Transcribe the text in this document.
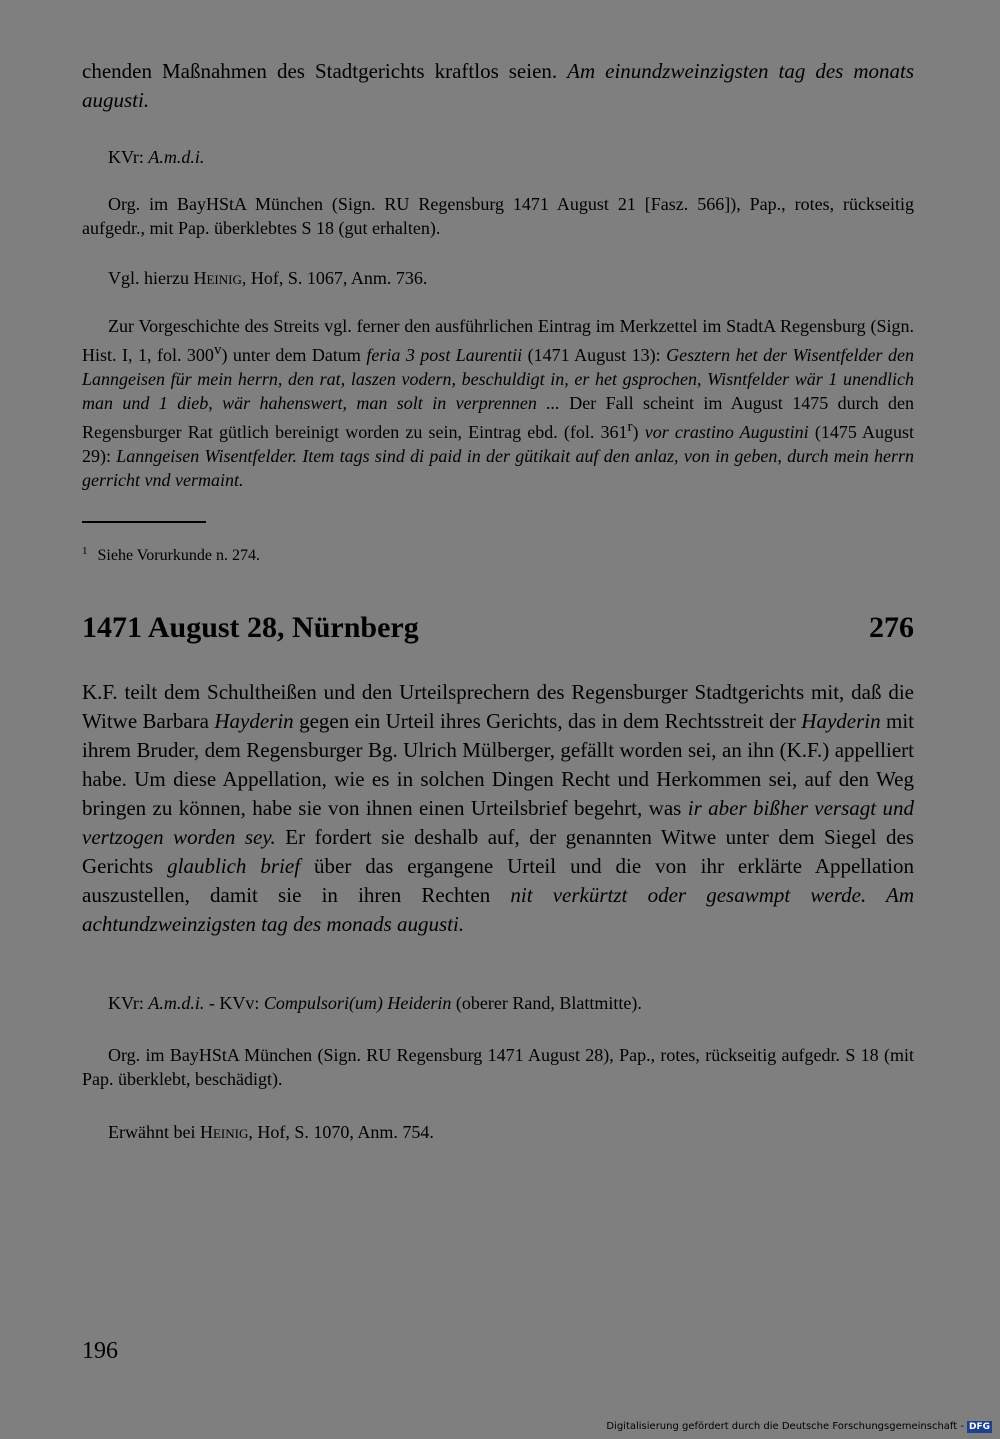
chenden Maßnahmen des Stadtgerichts kraftlos seien. Am einundzweinzigsten tag des monats augusti.

KVr: A.m.d.i.

Org. im BayHStA München (Sign. RU Regensburg 1471 August 21 [Fasz. 566]), Pap., rotes, rückseitig aufgedr., mit Pap. überklebtes S 18 (gut erhalten).

Vgl. hierzu Heinig, Hof, S. 1067, Anm. 736.

Zur Vorgeschichte des Streits vgl. ferner den ausführlichen Eintrag im Merkzettel im StadtA Regensburg (Sign. Hist. I, 1, fol. 300$^v$) unter dem Datum feria 3 post Laurentii (1471 August 13): Gesztern het der Wisentfelder den Lanngeisen für mein herrn, den rat, laszen vodern, beschuldigt in, er het gsprochen, Wisntfelder wär 1 unendlich man und 1 dieb, wär hahenswert, man solt in verprennen ... Der Fall scheint im August 1475 durch den Regensburger Rat gütlich bereinigt worden zu sein, Eintrag ebd. (fol. 361$^r$) vor crastino Augustini (1475 August 29): Lanngeisen Wisentfelder. Item tags sind di paid in der gütikait auf den anlaz, von in geben, durch mein herrn gerricht vnd vermaint.

$^1$ Siehe Vorurkunde n. 274.

1471 August 28, Nürnberg	276

K.F. teilt dem Schultheißen und den Urteilsprechern des Regensburger Stadtgerichts mit, daß die Witwe Barbara Hayderin gegen ein Urteil ihres Gerichts, das in dem Rechtsstreit der Hayderin mit ihrem Bruder, dem Regensburger Bg. Ulrich Mülberger, gefällt worden sei, an ihn (K.F.) appelliert habe. Um diese Appellation, wie es in solchen Dingen Recht und Herkommen sei, auf den Weg bringen zu können, habe sie von ihnen einen Urteilsbrief begehrt, was ir aber bißher versagt und vertzogen worden sey. Er fordert sie deshalb auf, der genannten Witwe unter dem Siegel des Gerichts glaublich brief über das ergangene Urteil und die von ihr erklärte Appellation auszustellen, damit sie in ihren Rechten nit verkürtzt oder gesawmpt werde. Am achtundzweinzigsten tag des monads augusti.

KVr: A.m.d.i. - KVv: Compulsori(um) Heiderin (oberer Rand, Blattmitte).

Org. im BayHStA München (Sign. RU Regensburg 1471 August 28), Pap., rotes, rückseitig aufgedr. S 18 (mit Pap. überklebt, beschädigt).

Erwähnt bei Heinig, Hof, S. 1070, Anm. 754.

196
Digitalisierung gefördert durch die Deutsche Forschungsgemeinschaft - DFG
